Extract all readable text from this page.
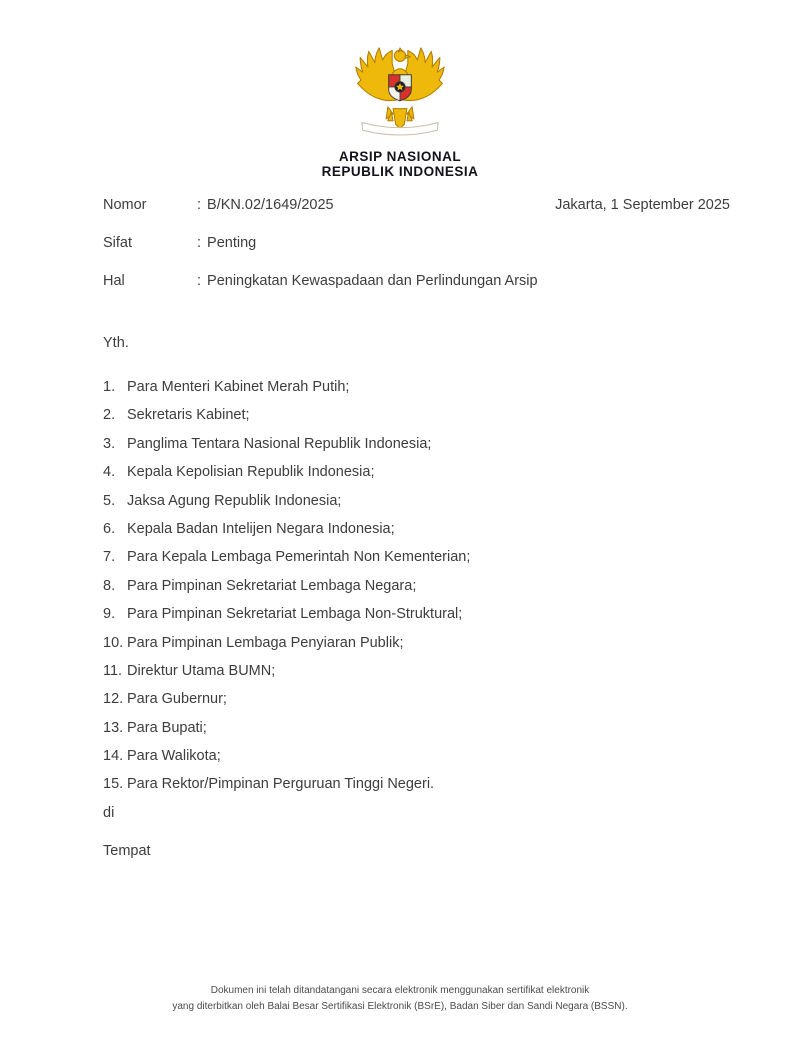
ARSIP NASIONAL
REPUBLIK INDONESIA
Nomor	: B/KN.02/1649/2025	Jakarta, 1 September 2025
Sifat	: Penting
Hal	: Peningkatan Kewaspadaan dan Perlindungan Arsip
Yth.
1. Para Menteri Kabinet Merah Putih;
2. Sekretaris Kabinet;
3. Panglima Tentara Nasional Republik Indonesia;
4. Kepala Kepolisian Republik Indonesia;
5. Jaksa Agung Republik Indonesia;
6. Kepala Badan Intelijen Negara Indonesia;
7. Para Kepala Lembaga Pemerintah Non Kementerian;
8. Para Pimpinan Sekretariat Lembaga Negara;
9. Para Pimpinan Sekretariat Lembaga Non-Struktural;
10. Para Pimpinan Lembaga Penyiaran Publik;
11. Direktur Utama BUMN;
12. Para Gubernur;
13. Para Bupati;
14. Para Walikota;
15. Para Rektor/Pimpinan Perguruan Tinggi Negeri.
di
Tempat
Dokumen ini telah ditandatangani secara elektronik menggunakan sertifikat elektronik
yang diterbitkan oleh Balai Besar Sertifikasi Elektronik (BSrE), Badan Siber dan Sandi Negara (BSSN).
